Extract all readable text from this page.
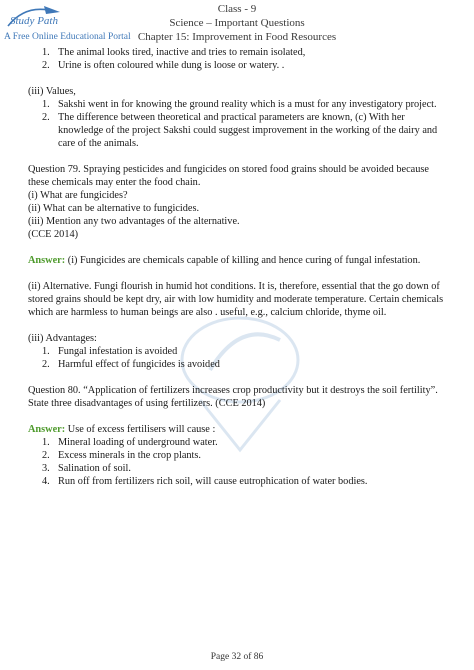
Study Path
A Free Online Educational Portal
Class - 9
Science – Important Questions
Chapter 15: Improvement in Food Resources
1. The animal looks tired, inactive and tries to remain isolated,
2. Urine is often coloured while dung is loose or watery. .

(iii) Values,

1. Sakshi went in for knowing the ground reality which is a must for any investigatory project.
2. The difference between theoretical and practical parameters are known, (c) With her knowledge of the project Sakshi could suggest improvement in the working of the dairy and care of the animals.

Question 79. Spraying pesticides and fungicides on stored food grains should be avoided because these chemicals may enter the food chain.

(i) What are fungicides?

(ii) What can be alternative to fungicides.

(iii) Mention any two advantages of the alternative.

(CCE 2014)

Answer: (i) Fungicides are chemicals capable of killing and hence curing of fungal infestation.

(ii) Alternative. Fungi flourish in humid hot conditions. It is, therefore, essential that the go down of stored grains should be kept dry, air with low humidity and moderate temperature. Certain chemicals which are harmless to human beings are also . useful, e.g., calcium chloride, thyme oil.

(iii) Advantages:

1. Fungal infestation is avoided
2. Harmful effect of fungicides is avoided

Question 80. “Application of fertilizers increases crop productivity but it destroys the soil fertility”. State three disadvantages of using fertilizers. (CCE 2014)

Answer: Use of excess fertilisers will cause :

1. Mineral loading of underground water.
2. Excess minerals in the crop plants.
3. Salination of soil.
4. Run off from fertilizers rich soil, will cause eutrophication of water bodies.
Page 32 of 86
